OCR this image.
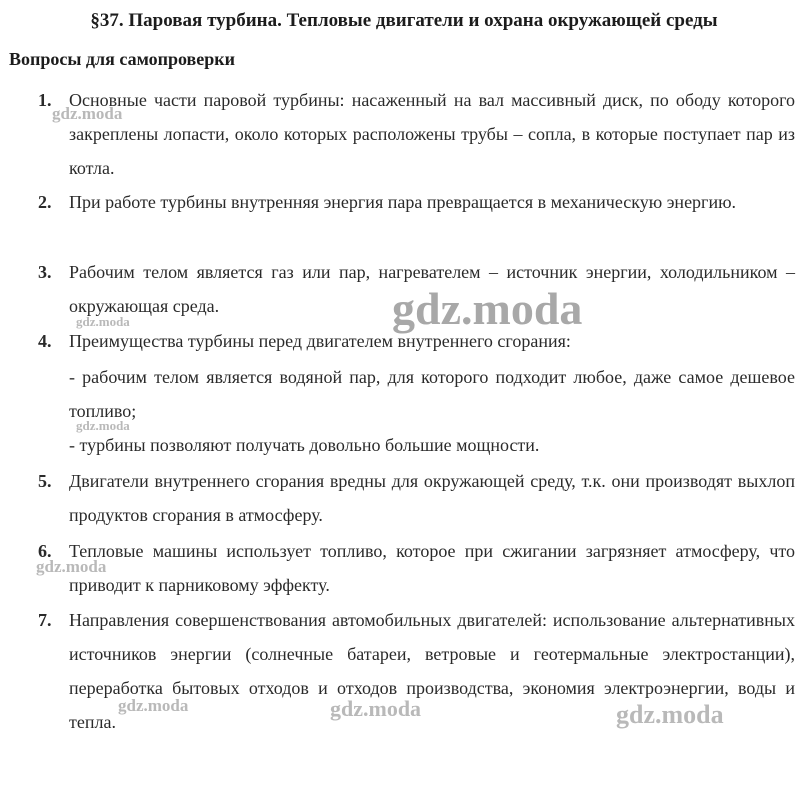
§37. Паровая турбина. Тепловые двигатели и охрана окружающей среды
Вопросы для самопроверки
1. Основные части паровой турбины: насаженный на вал массивный диск, по ободу которого закреплены лопасти, около которых расположены трубы – сопла, в которые поступает пар из котла.

2. При работе турбины внутренняя энергия пара превращается в механическую энергию.

3. Рабочим телом является газ или пар, нагревателем – источник энергии, холодильником – окружающая среда.

4. Преимущества турбины перед двигателем внутреннего сгорания:

- рабочим телом является водяной пар, для которого подходит любое, даже самое дешевое топливо;

- турбины позволяют получать довольно большие мощности.

5. Двигатели внутреннего сгорания вредны для окружающей среду, т.к. они производят выхлоп продуктов сгорания в атмосферу.

6. Тепловые машины использует топливо, которое при сжигании загрязняет атмосферу, что приводит к парниковому эффекту.

7. Направления совершенствования автомобильных двигателей: использование альтернативных источников энергии (солнечные батареи, ветровые и геотермальные электростанции), переработка бытовых отходов и отходов производства, экономия электроэнергии, воды и тепла.

gdz.moda
gdz.moda
gdz.moda
gdz.moda
gdz.moda
gdz.moda	gdz.moda	gdz.moda
